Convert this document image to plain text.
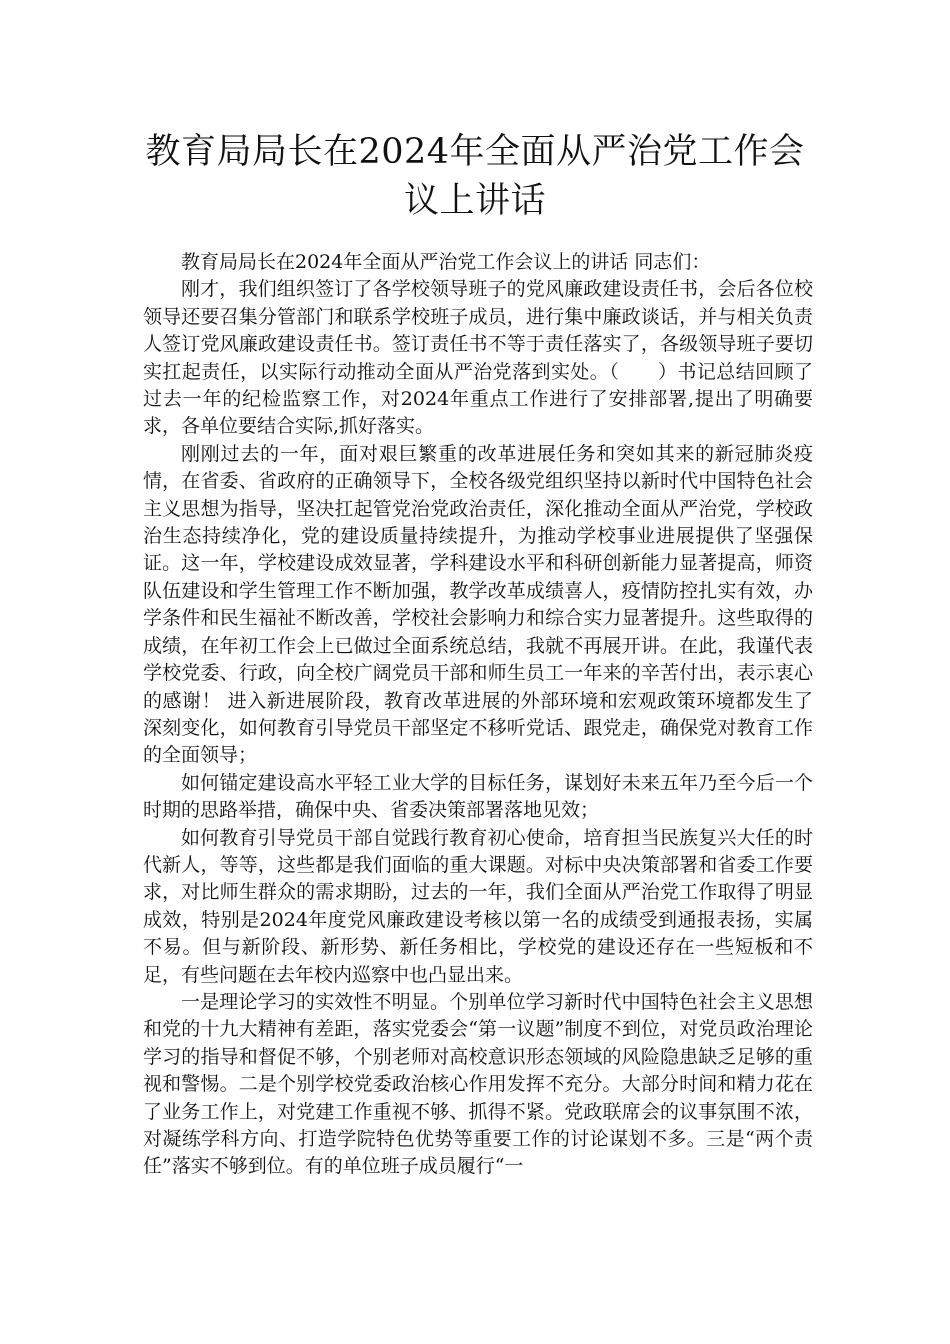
教育局局长在2024年全面从严治党工作会议上讲话

教育局局长在2024年全面从严治党工作会议上的讲话 同志们：

刚才，我们组织签订了各学校领导班子的党风廉政建设责任书，会后各位校领导还要召集分管部门和联系学校班子成员，进行集中廉政谈话，并与相关负责人签订党风廉政建设责任书。签订责任书不等于责任落实了，各级领导班子要切实扛起责任，以实际行动推动全面从严治党落到实处。（　　）书记总结回顾了过去一年的纪检监察工作，对2024年重点工作进行了安排部署,提出了明确要求，各单位要结合实际,抓好落实。

刚刚过去的一年，面对艰巨繁重的改革进展任务和突如其来的新冠肺炎疫情，在省委、省政府的正确领导下，全校各级党组织坚持以新时代中国特色社会主义思想为指导，坚决扛起管党治党政治责任，深化推动全面从严治党，学校政治生态持续净化，党的建设质量持续提升，为推动学校事业进展提供了坚强保证。这一年，学校建设成效显著，学科建设水平和科研创新能力显著提高，师资队伍建设和学生管理工作不断加强，教学改革成绩喜人，疫情防控扎实有效，办学条件和民生福祉不断改善，学校社会影响力和综合实力显著提升。这些取得的成绩，在年初工作会上已做过全面系统总结，我就不再展开讲。在此，我谨代表学校党委、行政，向全校广阔党员干部和师生员工一年来的辛苦付出，表示衷心的感谢！ 进入新进展阶段，教育改革进展的外部环境和宏观政策环境都发生了深刻变化，如何教育引导党员干部坚定不移听党话、跟党走，确保党对教育工作的全面领导；

如何锚定建设高水平轻工业大学的目标任务，谋划好未来五年乃至今后一个时期的思路举措，确保中央、省委决策部署落地见效；

如何教育引导党员干部自觉践行教育初心使命，培育担当民族复兴大任的时代新人，等等，这些都是我们面临的重大课题。对标中央决策部署和省委工作要求，对比师生群众的需求期盼，过去的一年，我们全面从严治党工作取得了明显成效，特别是2024年度党风廉政建设考核以第一名的成绩受到通报表扬，实属不易。但与新阶段、新形势、新任务相比，学校党的建设还存在一些短板和不足，有些问题在去年校内巡察中也凸显出来。

一是理论学习的实效性不明显。个别单位学习新时代中国特色社会主义思想和党的十九大精神有差距，落实党委会“第一议题”制度不到位，对党员政治理论学习的指导和督促不够，个别老师对高校意识形态领域的风险隐患缺乏足够的重视和警惕。二是个别学校党委政治核心作用发挥不充分。大部分时间和精力花在了业务工作上，对党建工作重视不够、抓得不紧。党政联席会的议事氛围不浓，对凝练学科方向、打造学院特色优势等重要工作的讨论谋划不多。三是“两个责任”落实不够到位。有的单位班子成员履行“一
